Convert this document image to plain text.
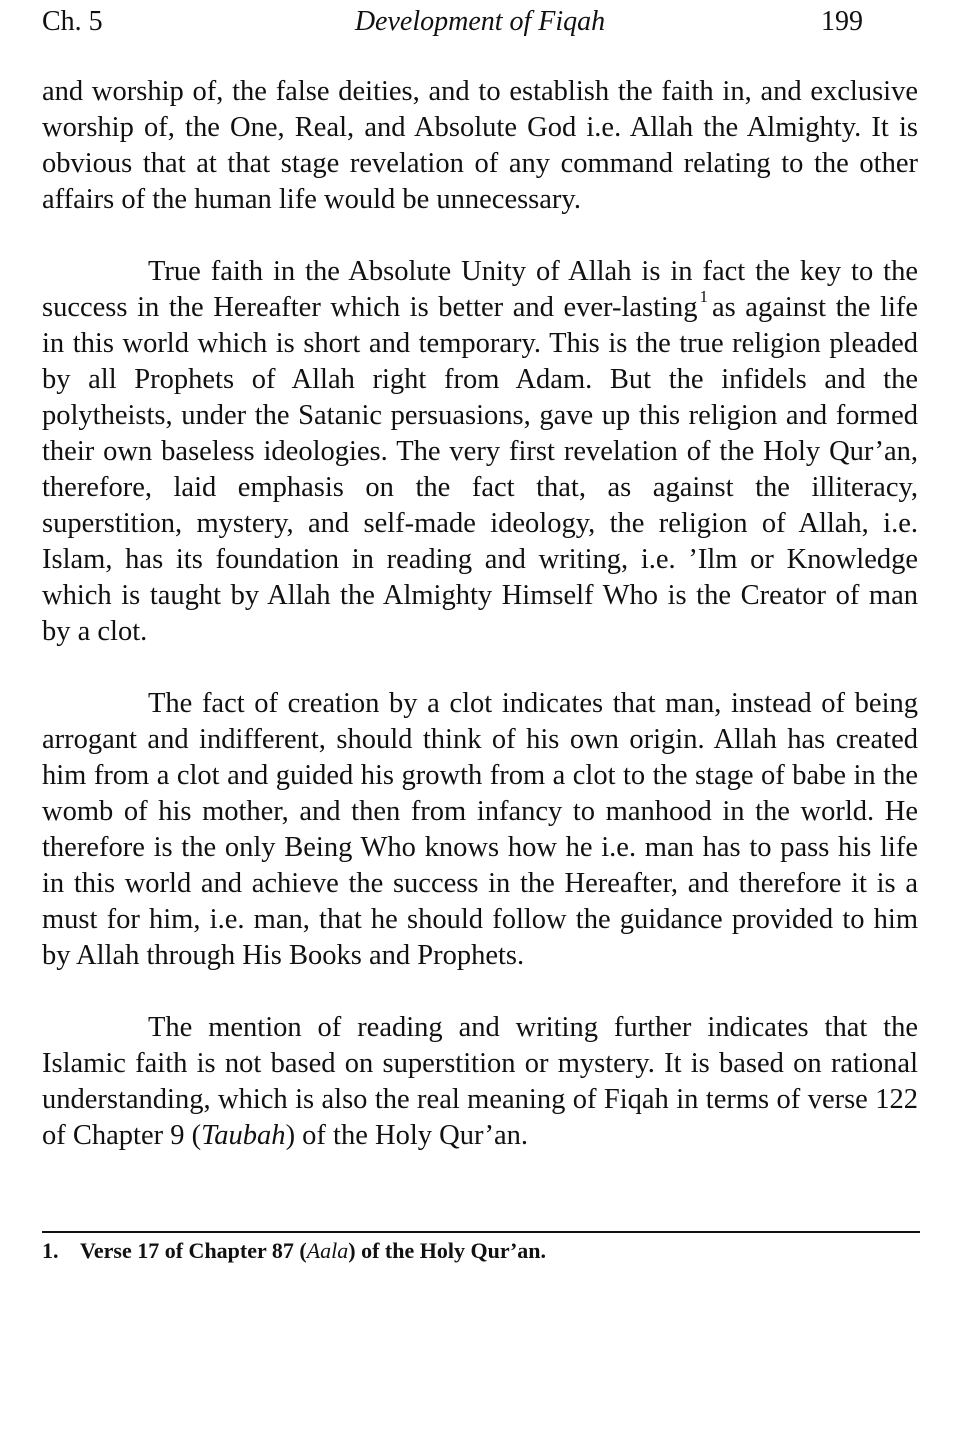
Ch. 5	Development of Fiqah	199

and worship of, the false deities, and to establish the faith in, and exclusive worship of, the One, Real, and Absolute God i.e. Allah the Almighty. It is obvious that at that stage revelation of any command relating to the other affairs of the human life would be unnecessary.

True faith in the Absolute Unity of Allah is in fact the key to the success in the Hereafter which is better and ever-lasting $^1$ as against the life in this world which is short and temporary. This is the true religion pleaded by all Prophets of Allah right from Adam. But the infidels and the polytheists, under the Satanic persuasions, gave up this religion and formed their own baseless ideologies. The very first revelation of the Holy Qur’an, therefore, laid emphasis on the fact that, as against the illiteracy, superstition, mystery, and self-made ideology, the religion of Allah, i.e. Islam, has its foundation in reading and writing, i.e. ’Ilm or Knowledge which is taught by Allah the Almighty Himself Who is the Creator of man by a clot.

The fact of creation by a clot indicates that man, instead of being arrogant and indifferent, should think of his own origin. Allah has created him from a clot and guided his growth from a clot to the stage of babe in the womb of his mother, and then from infancy to manhood in the world. He therefore is the only Being Who knows how he i.e. man has to pass his life in this world and achieve the success in the Hereafter, and therefore it is a must for him, i.e. man, that he should follow the guidance provided to him by Allah through His Books and Prophets.

The mention of reading and writing further indicates that the Islamic faith is not based on superstition or mystery. It is based on rational understanding, which is also the real meaning of Fiqah in terms of verse 122 of Chapter 9 (Taubah) of the Holy Qur’an.

1. Verse 17 of Chapter 87 (Aala) of the Holy Qur’an.
